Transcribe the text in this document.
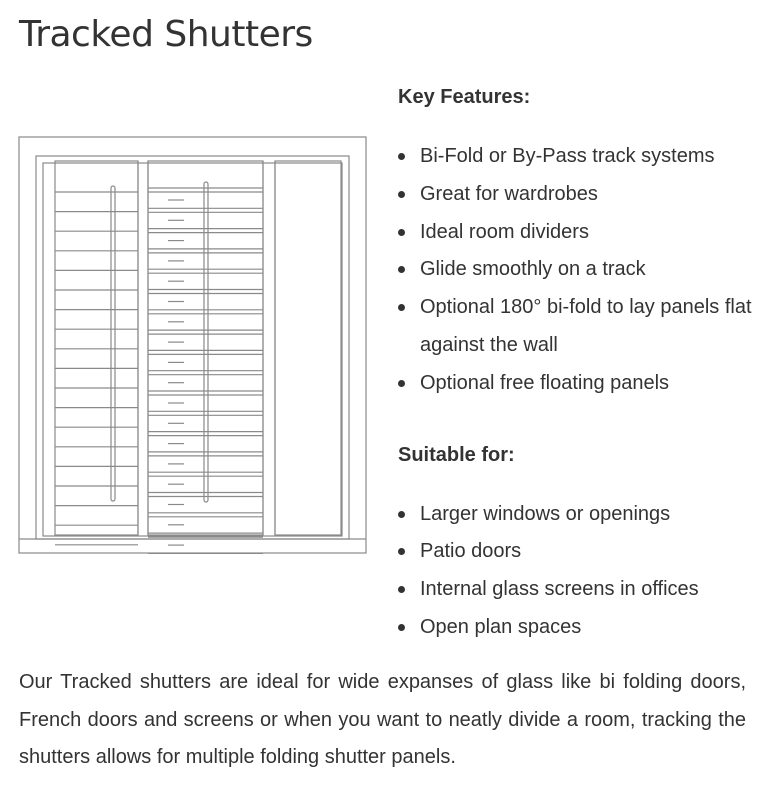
Tracked Shutters
Key Features:
Bi-Fold or By-Pass track systems
Great for wardrobes
Ideal room dividers
Glide smoothly on a track
Optional 180° bi-fold to lay panels flat against the wall
Optional free floating panels
Suitable for:
Larger windows or openings
Patio doors
Internal glass screens in offices
Open plan spaces

Our Tracked shutters are ideal for wide expanses of glass like bi folding doors, French doors and screens or when you want to neatly divide a room, tracking the shutters allows for multiple folding shutter panels.
